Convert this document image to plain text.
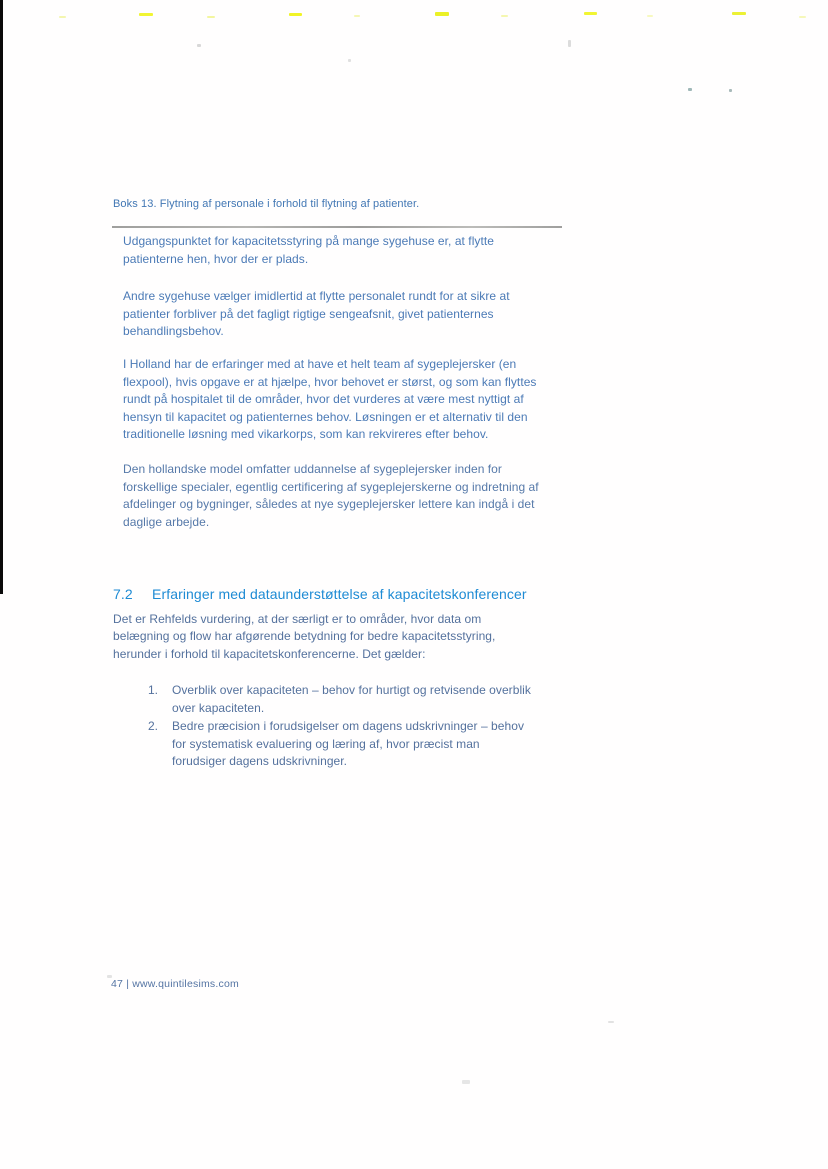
Boks 13. Flytning af personale i forhold til flytning af patienter.
Udgangspunktet for kapacitetsstyring på mange sygehuse er, at flytte
patienterne hen, hvor der er plads.
Andre sygehuse vælger imidlertid at flytte personalet rundt for at sikre at
patienter forbliver på det fagligt rigtige sengeafsnit, givet patienternes
behandlingsbehov.
I Holland har de erfaringer med at have et helt team af sygeplejersker (en
flexpool), hvis opgave er at hjælpe, hvor behovet er størst, og som kan flyttes
rundt på hospitalet til de områder, hvor det vurderes at være mest nyttigt af
hensyn til kapacitet og patienternes behov. Løsningen er et alternativ til den
traditionelle løsning med vikarkorps, som kan rekvireres efter behov.
Den hollandske model omfatter uddannelse af sygeplejersker inden for
forskellige specialer, egentlig certificering af sygeplejerskerne og indretning af
afdelinger og bygninger, således at nye sygeplejersker lettere kan indgå i det
daglige arbejde.
7.2	Erfaringer med dataunderstøttelse af kapacitetskonferencer
Det er Rehfelds vurdering, at der særligt er to områder, hvor data om
belægning og flow har afgørende betydning for bedre kapacitetsstyring,
herunder i forhold til kapacitetskonferencerne. Det gælder:
1.	Overblik over kapaciteten – behov for hurtigt og retvisende overblik
over kapaciteten.
2.	Bedre præcision i forudsigelser om dagens udskrivninger – behov
for systematisk evaluering og læring af, hvor præcist man
forudsiger dagens udskrivninger.
47 | www.quintilesims.com
